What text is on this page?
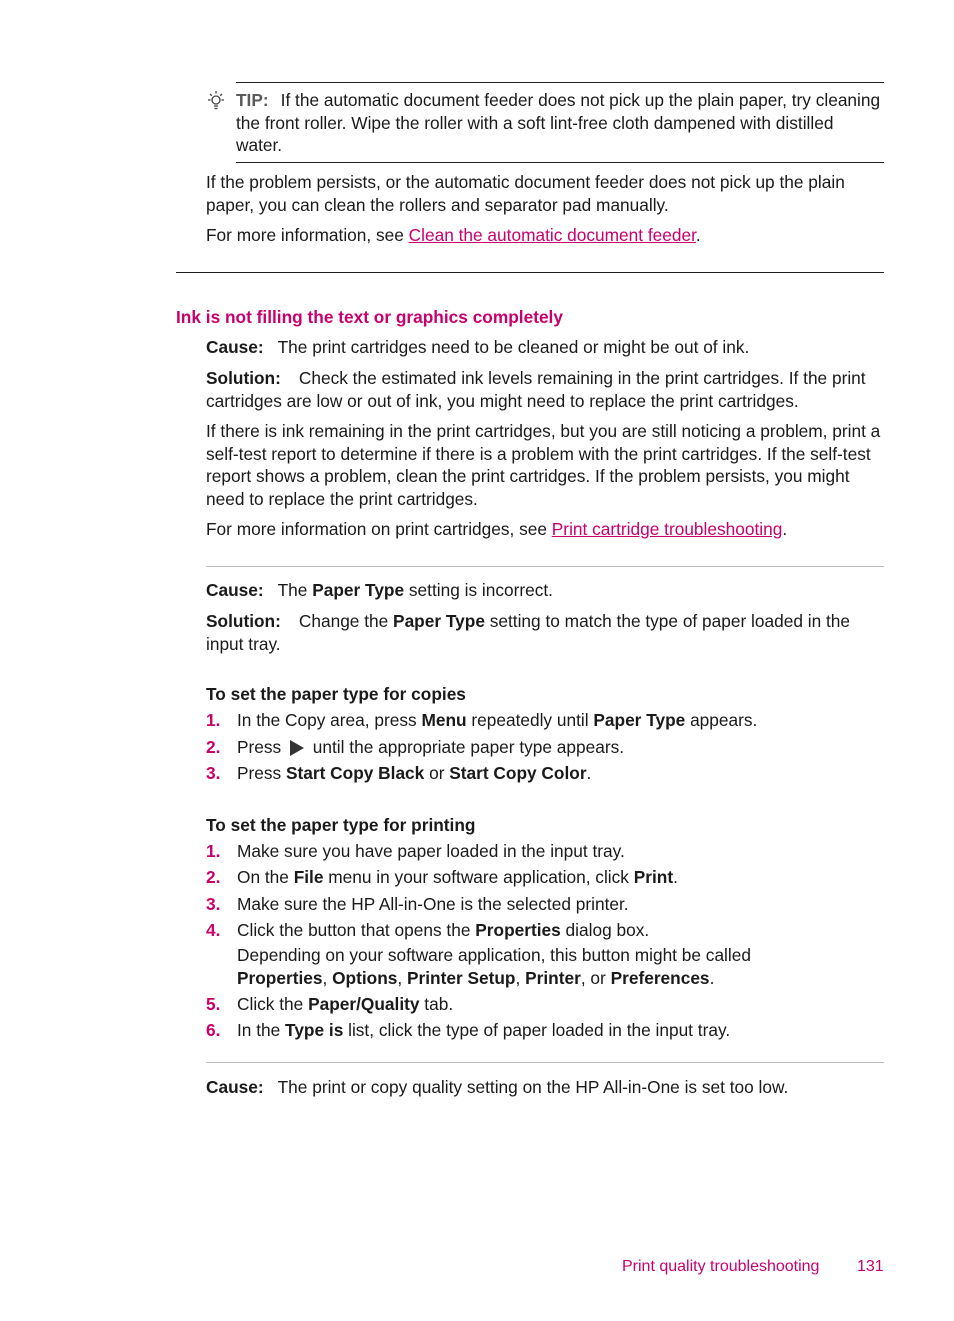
TIP: If the automatic document feeder does not pick up the plain paper, try cleaning the front roller. Wipe the roller with a soft lint-free cloth dampened with distilled water.
If the problem persists, or the automatic document feeder does not pick up the plain paper, you can clean the rollers and separator pad manually.
For more information, see Clean the automatic document feeder.
Ink is not filling the text or graphics completely
Cause: The print cartridges need to be cleaned or might be out of ink.
Solution: Check the estimated ink levels remaining in the print cartridges. If the print cartridges are low or out of ink, you might need to replace the print cartridges.
If there is ink remaining in the print cartridges, but you are still noticing a problem, print a self-test report to determine if there is a problem with the print cartridges. If the self-test report shows a problem, clean the print cartridges. If the problem persists, you might need to replace the print cartridges.
For more information on print cartridges, see Print cartridge troubleshooting.
Cause: The Paper Type setting is incorrect.
Solution: Change the Paper Type setting to match the type of paper loaded in the input tray.
To set the paper type for copies
1. In the Copy area, press Menu repeatedly until Paper Type appears.
2. Press  until the appropriate paper type appears.
3. Press Start Copy Black or Start Copy Color.
To set the paper type for printing
1. Make sure you have paper loaded in the input tray.
2. On the File menu in your software application, click Print.
3. Make sure the HP All-in-One is the selected printer.
4. Click the button that opens the Properties dialog box.
Depending on your software application, this button might be called
Properties, Options, Printer Setup, Printer, or Preferences.
5. Click the Paper/Quality tab.
6. In the Type is list, click the type of paper loaded in the input tray.
Cause: The print or copy quality setting on the HP All-in-One is set too low.
Print quality troubleshooting 131
